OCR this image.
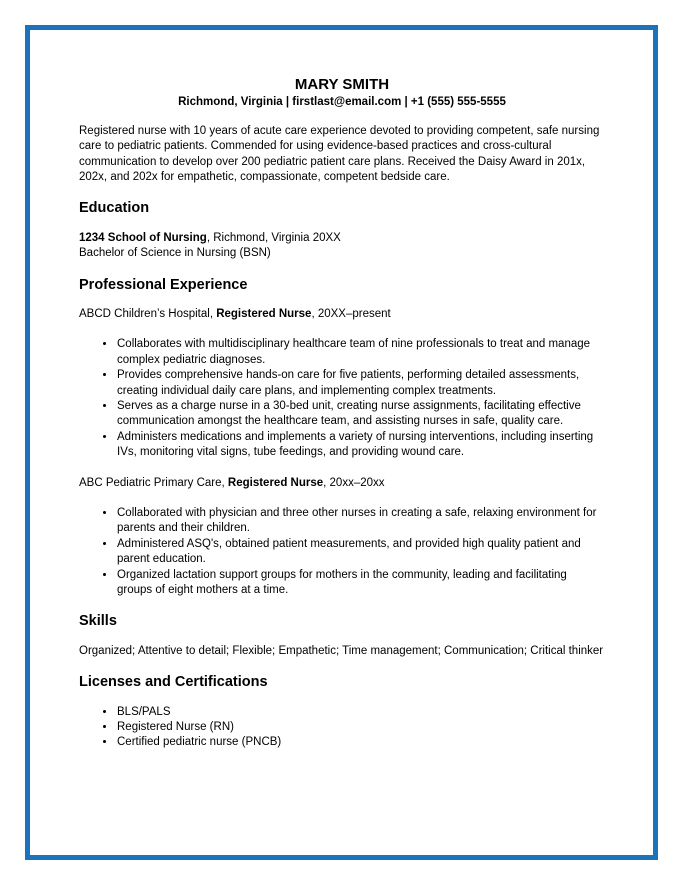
MARY SMITH
Richmond, Virginia | firstlast@email.com | +1 (555) 555-5555

Registered nurse with 10 years of acute care experience devoted to providing competent, safe nursing care to pediatric patients. Commended for using evidence-based practices and cross-cultural communication to develop over 200 pediatric patient care plans. Received the Daisy Award in 201x, 202x, and 202x for empathetic, compassionate, competent bedside care.

Education
1234 School of Nursing, Richmond, Virginia 20XX
Bachelor of Science in Nursing (BSN)
Professional Experience

ABCD Children’s Hospital, Registered Nurse, 20XX–present

• Collaborates with multidisciplinary healthcare team of nine professionals to treat and manage complex pediatric diagnoses.
• Provides comprehensive hands-on care for five patients, performing detailed assessments, creating individual daily care plans, and implementing complex treatments.
• Serves as a charge nurse in a 30-bed unit, creating nurse assignments, facilitating effective communication amongst the healthcare team, and assisting nurses in safe, quality care.
• Administers medications and implements a variety of nursing interventions, including inserting IVs, monitoring vital signs, tube feedings, and providing wound care.

ABC Pediatric Primary Care, Registered Nurse, 20xx–20xx

• Collaborated with physician and three other nurses in creating a safe, relaxing environment for parents and their children.
• Administered ASQ's, obtained patient measurements, and provided high quality patient and parent education.
• Organized lactation support groups for mothers in the community, leading and facilitating groups of eight mothers at a time.
Skills

Organized; Attentive to detail; Flexible; Empathetic; Time management; Communication; Critical thinker

Licenses and Certifications
• BLS/PALS
• Registered Nurse (RN)
• Certified pediatric nurse (PNCB)
